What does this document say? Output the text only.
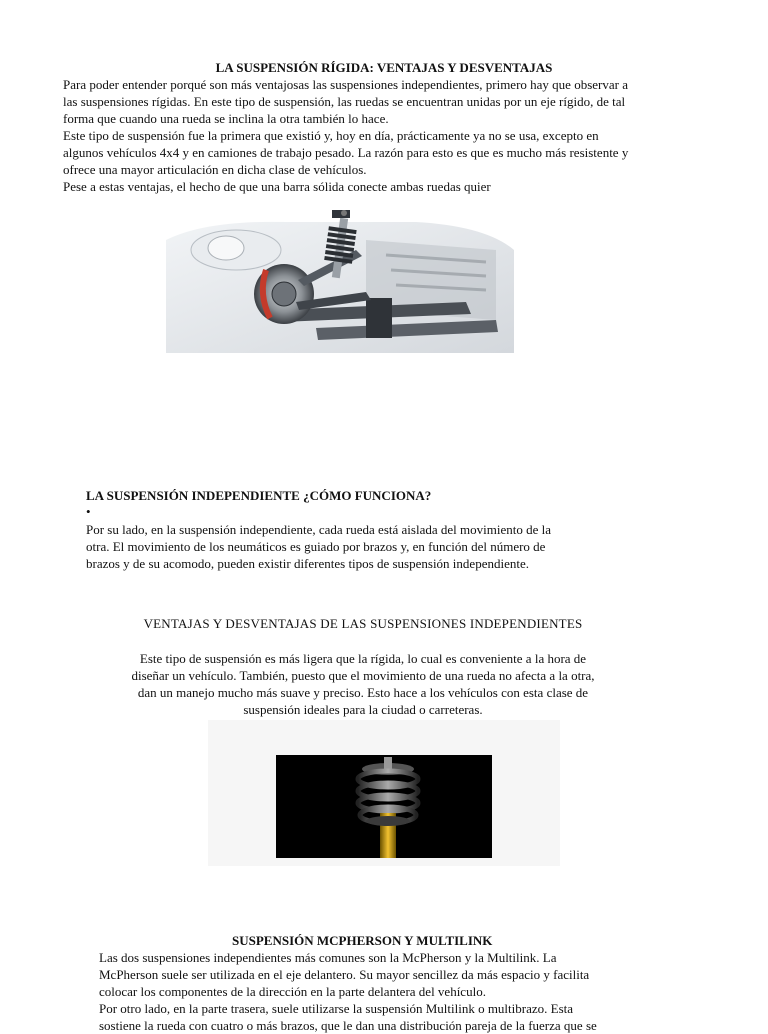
LA SUSPENSIÓN RÍGIDA: VENTAJAS Y DESVENTAJAS

Para poder entender porqué son más ventajosas las suspensiones independientes, primero hay que observar a

las suspensiones rígidas. En este tipo de suspensión, las ruedas se encuentran unidas por un eje rígido, de tal

forma que cuando una rueda se inclina la otra también lo hace.

Este tipo de suspensión fue la primera que existió y, hoy en día, prácticamente ya no se usa, excepto en

algunos vehículos 4x4 y en camiones de trabajo pesado. La razón para esto es que es mucho más resistente y

ofrece una mayor articulación en dicha clase de vehículos.

Pese a estas ventajas, el hecho de que una barra sólida conecte ambas ruedas quier

LA SUSPENSIÓN INDEPENDIENTE ¿CÓMO FUNCIONA?
•

Por su lado, en la suspensión independiente, cada rueda está aislada del movimiento de la

otra. El movimiento de los neumáticos es guiado por brazos y, en función del número de

brazos y de su acomodo, pueden existir diferentes tipos de suspensión independiente.

VENTAJAS Y DESVENTAJAS DE LAS SUSPENSIONES INDEPENDIENTES

Este tipo de suspensión es más ligera que la rígida, lo cual es conveniente a la hora de

diseñar un vehículo. También, puesto que el movimiento de una rueda no afecta a la otra,

dan un manejo mucho más suave y preciso. Esto hace a los vehículos con esta clase de

suspensión ideales para la ciudad o carreteras.

SUSPENSIÓN MCPHERSON Y MULTILINK

Las dos suspensiones independientes más comunes son la McPherson y la Multilink. La

McPherson suele ser utilizada en el eje delantero. Su mayor sencillez da más espacio y facilita

colocar los componentes de la dirección en la parte delantera del vehículo.

Por otro lado, en la parte trasera, suele utilizarse la suspensión Multilink o multibrazo. Esta

sostiene la rueda con cuatro o más brazos, que le dan una distribución pareja de la fuerza que se
